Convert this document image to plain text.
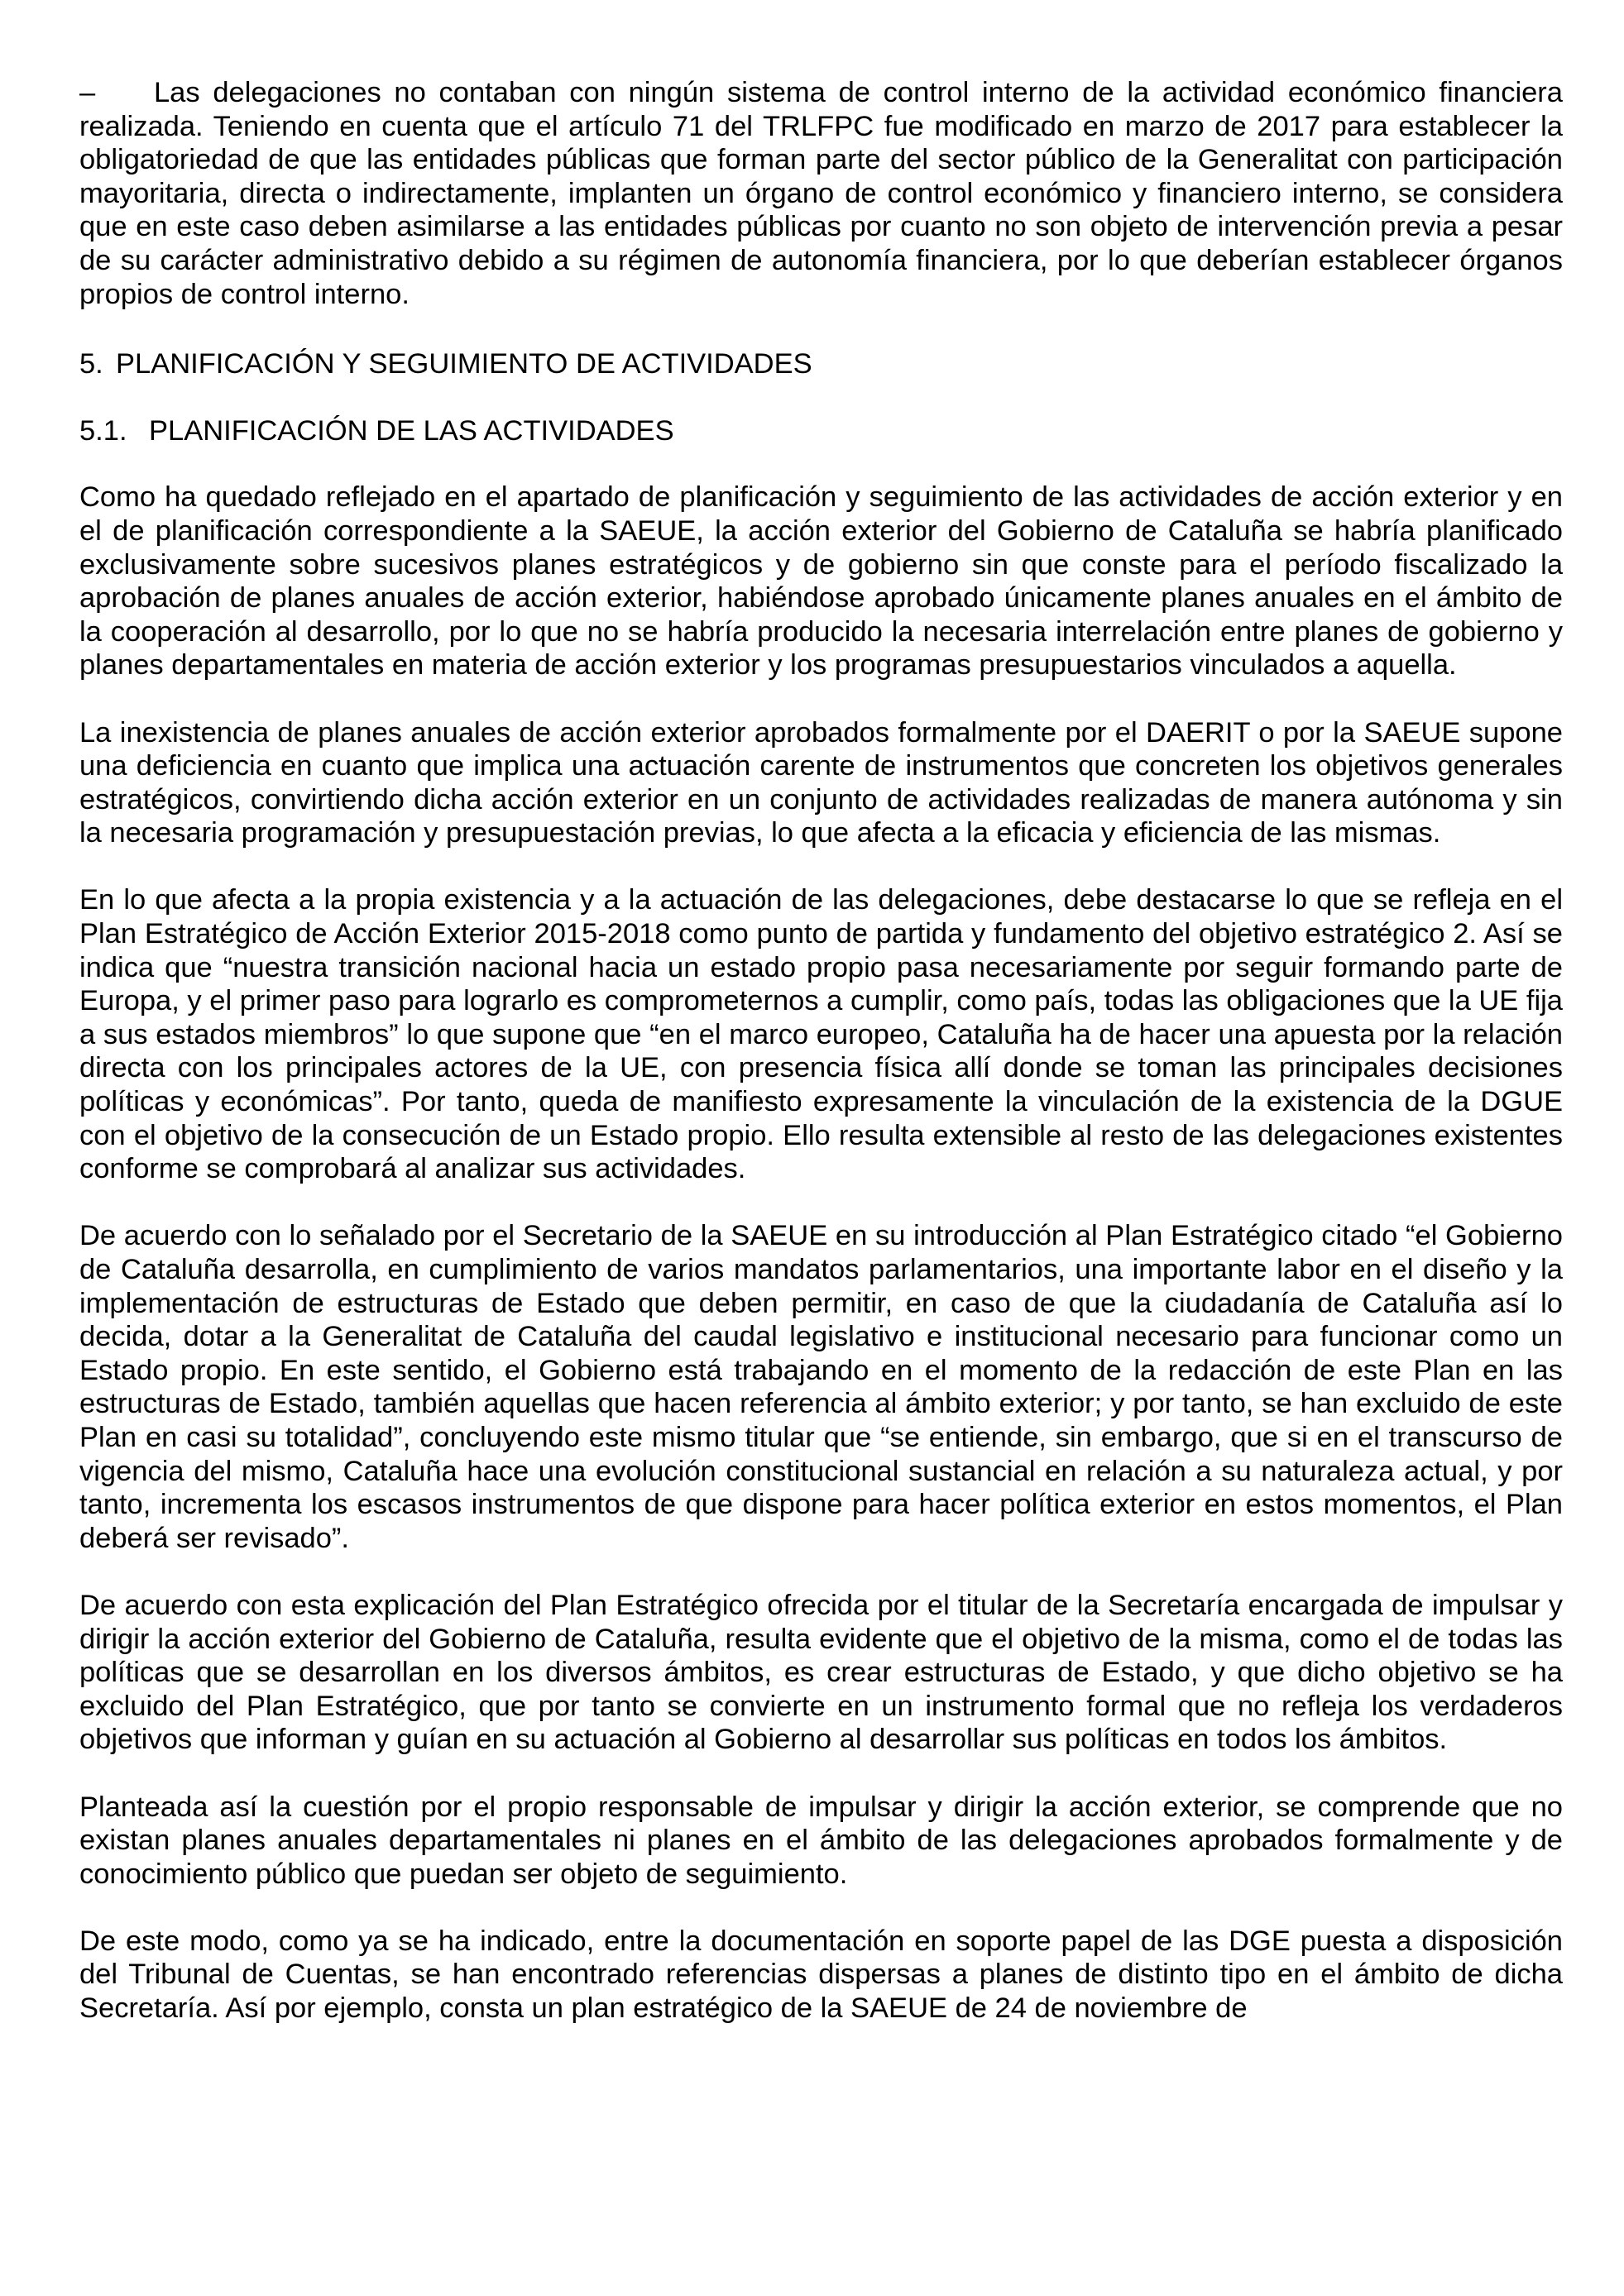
– Las delegaciones no contaban con ningún sistema de control interno de la actividad económico financiera realizada. Teniendo en cuenta que el artículo 71 del TRLFPC fue modificado en marzo de 2017 para establecer la obligatoriedad de que las entidades públicas que forman parte del sector público de la Generalitat con participación mayoritaria, directa o indirectamente, implanten un órgano de control económico y financiero interno, se considera que en este caso deben asimilarse a las entidades públicas por cuanto no son objeto de intervención previa a pesar de su carácter administrativo debido a su régimen de autonomía financiera, por lo que deberían establecer órganos propios de control interno.

5. PLANIFICACIÓN Y SEGUIMIENTO DE ACTIVIDADES
5.1. PLANIFICACIÓN DE LAS ACTIVIDADES

Como ha quedado reflejado en el apartado de planificación y seguimiento de las actividades de acción exterior y en el de planificación correspondiente a la SAEUE, la acción exterior del Gobierno de Cataluña se habría planificado exclusivamente sobre sucesivos planes estratégicos y de gobierno sin que conste para el período fiscalizado la aprobación de planes anuales de acción exterior, habiéndose aprobado únicamente planes anuales en el ámbito de la cooperación al desarrollo, por lo que no se habría producido la necesaria interrelación entre planes de gobierno y planes departamentales en materia de acción exterior y los programas presupuestarios vinculados a aquella.

La inexistencia de planes anuales de acción exterior aprobados formalmente por el DAERIT o por la SAEUE supone una deficiencia en cuanto que implica una actuación carente de instrumentos que concreten los objetivos generales estratégicos, convirtiendo dicha acción exterior en un conjunto de actividades realizadas de manera autónoma y sin la necesaria programación y presupuestación previas, lo que afecta a la eficacia y eficiencia de las mismas.

En lo que afecta a la propia existencia y a la actuación de las delegaciones, debe destacarse lo que se refleja en el Plan Estratégico de Acción Exterior 2015-2018 como punto de partida y fundamento del objetivo estratégico 2. Así se indica que “nuestra transición nacional hacia un estado propio pasa necesariamente por seguir formando parte de Europa, y el primer paso para lograrlo es comprometernos a cumplir, como país, todas las obligaciones que la UE fija a sus estados miembros” lo que supone que “en el marco europeo, Cataluña ha de hacer una apuesta por la relación directa con los principales actores de la UE, con presencia física allí donde se toman las principales decisiones políticas y económicas”. Por tanto, queda de manifiesto expresamente la vinculación de la existencia de la DGUE con el objetivo de la consecución de un Estado propio. Ello resulta extensible al resto de las delegaciones existentes conforme se comprobará al analizar sus actividades.

De acuerdo con lo señalado por el Secretario de la SAEUE en su introducción al Plan Estratégico citado “el Gobierno de Cataluña desarrolla, en cumplimiento de varios mandatos parlamentarios, una importante labor en el diseño y la implementación de estructuras de Estado que deben permitir, en caso de que la ciudadanía de Cataluña así lo decida, dotar a la Generalitat de Cataluña del caudal legislativo e institucional necesario para funcionar como un Estado propio. En este sentido, el Gobierno está trabajando en el momento de la redacción de este Plan en las estructuras de Estado, también aquellas que hacen referencia al ámbito exterior; y por tanto, se han excluido de este Plan en casi su totalidad”, concluyendo este mismo titular que “se entiende, sin embargo, que si en el transcurso de vigencia del mismo, Cataluña hace una evolución constitucional sustancial en relación a su naturaleza actual, y por tanto, incrementa los escasos instrumentos de que dispone para hacer política exterior en estos momentos, el Plan deberá ser revisado”.

De acuerdo con esta explicación del Plan Estratégico ofrecida por el titular de la Secretaría encargada de impulsar y dirigir la acción exterior del Gobierno de Cataluña, resulta evidente que el objetivo de la misma, como el de todas las políticas que se desarrollan en los diversos ámbitos, es crear estructuras de Estado, y que dicho objetivo se ha excluido del Plan Estratégico, que por tanto se convierte en un instrumento formal que no refleja los verdaderos objetivos que informan y guían en su actuación al Gobierno al desarrollar sus políticas en todos los ámbitos.

Planteada así la cuestión por el propio responsable de impulsar y dirigir la acción exterior, se comprende que no existan planes anuales departamentales ni planes en el ámbito de las delegaciones aprobados formalmente y de conocimiento público que puedan ser objeto de seguimiento.

De este modo, como ya se ha indicado, entre la documentación en soporte papel de las DGE puesta a disposición del Tribunal de Cuentas, se han encontrado referencias dispersas a planes de distinto tipo en el ámbito de dicha Secretaría. Así por ejemplo, consta un plan estratégico de la SAEUE de 24 de noviembre de
